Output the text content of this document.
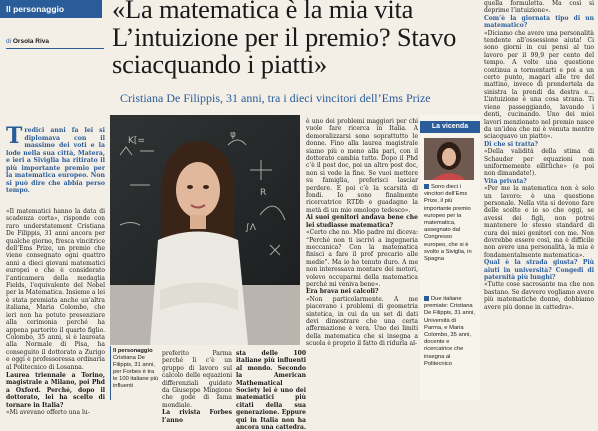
Il personaggio
di Orsola Riva
«La matematica è la mia vita L’intuizione per il premio? Stavo sciacquando i piatti»
Cristiana De Filippis, 31 anni, tra i dieci vincitori dell’Ems Prize
Tredici anni fa lei si diplomava con il massimo dei voti e la lode nella sua città, Matera, e ieri a Siviglia ha ritirato il più importante premio per la matematica europeo. Non si può dire che abbia perso tempo.

«Il matematici hanno la data di scadenza corta», risponde con raro understatement Cristiana De Filippis, 31 anni ancora per qualche giorno, fresca vincitrice dell’Ems Prize, un premio che viene consegnato ogni quattro anni a dieci giovani matematici europei e che è considerato l’anticamera della medaglia Fields, l’equivalente del Nobel per la Matematica. Insieme a lei è stata premiata anche un’altra italiana, Maria Colombo, che ieri non ha potuto presenziare alla cerimonia perché ha appena partorito il quarto figlio. Colombo, 35 anni, si è laureata alla Normale di Pisa, ha conseguito il dottorato a Zurigo e oggi è professoressa ordinaria al Politecnico di Losanna.

Laurea triennale a Torino, magistrale a Milano, poi Phd a Oxford. Perché, dopo il dottorato, lei ha scelto di tornare in Italia?

«Mi avevano offerto una lu-

K[=
φ
R
∫Λ
Il personaggio
Cristiana De Filippis, 31 anni, per Forbes è tra le 100 italiane più influenti

preferito Parma perché lì c’è un gruppo di lavoro sul calcolo delle equazioni differenziali guidato da Giuseppe Mingione che gode di fama mondiale.

La rivista Forbes l’anno

sta delle 100 italiane più influenti al mondo. Secondo la American Mathematical Society lei è uno dei matematici più citati della sua generazione. Eppure qui in Italia non ha ancora una cattedra.

è uno dei problemi maggiori per chi vuole fare ricerca in Italia. A demoralizzarsi sono soprattutto le donne. Fino alla laurea magistrale siamo più o meno alla pari, con il dottorato cambia tutto. Dopo il Phd c’è il post doc, poi un altro post doc, non si vede la fine. Se vuoi mettere su famiglia, preferisci lasciar perdere. E poi c’è la scarsità di fondi. Io sono finalmente ricercatrice RTDb e guadagno la metà di un mio omologo tedesco».

Ai suoi genitori andava bene che lei studiasse matematica?

«Certo che no. Mio padre mi diceva: “Perché non ti iscrivi a ingegneria meccanica? Con la matematica finisci a fare il prof precario alle medie”. Ma io ho tenuto duro. A me non interessava montare dei motori, volevo occuparmi della matematica perché mi veniva bene».

Era brava nei calcoli?

«Non particolarmente. A me piacevano i problemi di geometria sintetica, in cui da un set di dati devi dimostrare che una certa affermazione è vera. Uno dei limiti della matematica che si insegna a scuola è proprio il fatto di ridurla al-

La vicenda
Sono dieci i vincitori dell’Ems Prize, il più importante premio europeo per la matematica, assegnato dal Congresso europeo, che si è svolto a Siviglia, in Spagna
Due italiane premiate: Cristiana De Filippis, 31 anni, Università di Parma, e Maria Colombo, 35 anni, docente e ricercatrice che insegna al Politecnico

quella formuletta. Ma così si deprime l’intuizione».

Com’è la giornata tipo di un matematico?

«Diciamo che avere una personalità tendente all’ossessione aiuta! Ci sono giorni in cui pensi al tuo lavoro per il 99,9 per cento del tempo. A volte una questione continua a tormentarti e poi a un certo punto, magari alle tre del mattino, invece di prendertela da sinistra la prendi da destra e… L’intuizione è una cosa strana. Ti viene passeggiando, lavando i denti, cucinando. Uno dei miei lavori menzionato nel premio nasce da un’idea che mi è venuta mentre sciacquavo un piatto».

Di che si tratta?

«Della validità della stima di Schauder per equazioni non uniformemente ellittiche» (e poi non dimandate!).

Vita privata?

«Per me la matematica non è solo un lavoro: è una questione personale. Nella vita si devono fare delle scelte e io so che oggi, se avessi dei figli, non potrei mantenere lo stesso standard di cura dei miei genitori con me. Non dovrebbe essere così, ma è difficile non avere una personalità, la mia è fondamentalmente matematica».

Qual è la strada giusta? Più aiuti in università? Congedi di paternità più lunghi?

«Tutte cose sacrosante ma che non bastano. Se davvero vogliamo avere più matematiche donne, dobbiamo avere più donne in cattedra».
